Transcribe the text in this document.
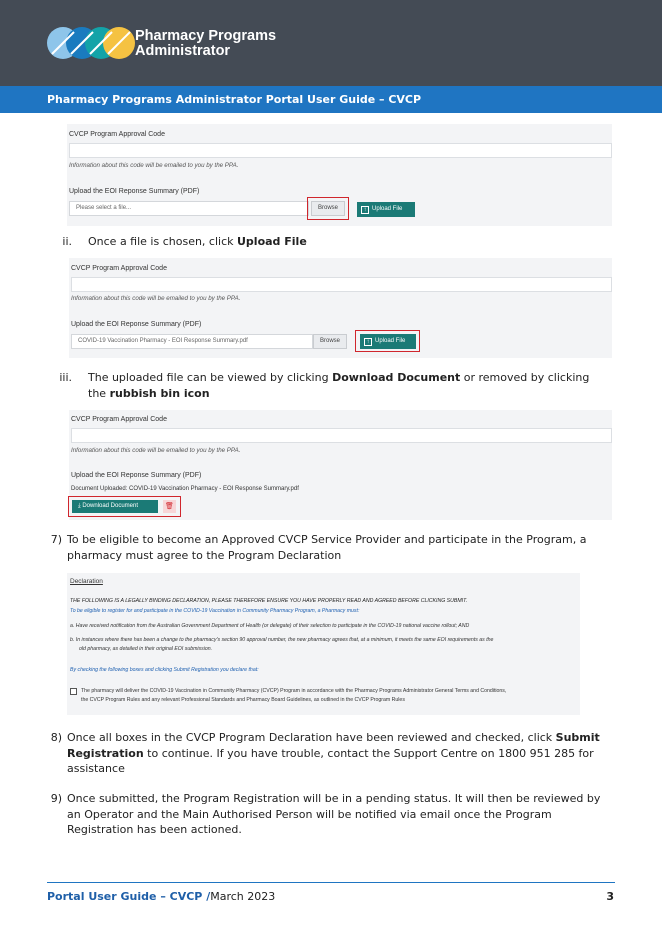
Pharmacy Programs
Administrator
Pharmacy Programs Administrator Portal User Guide – CVCP
CVCP Program Approval Code
Information about this code will be emailed to you by the PPA.
Upload the EOI Reponse Summary (PDF)
Please select a file...	Browse	↑ Upload File
ii. Once a file is chosen, click Upload File
CVCP Program Approval Code
Information about this code will be emailed to you by the PPA.
Upload the EOI Reponse Summary (PDF)
COVID-19 Vaccination Pharmacy - EOI Response Summary.pdf	Browse	↑ Upload File
iii. The uploaded file can be viewed by clicking Download Document or removed by clicking the rubbish bin icon
CVCP Program Approval Code
Information about this code will be emailed to you by the PPA.
Upload the EOI Reponse Summary (PDF)
Document Uploaded: COVID-19 Vaccination Pharmacy - EOI Response Summary.pdf
⤓ Download Document	🗑
7) To be eligible to become an Approved CVCP Service Provider and participate in the Program, a pharmacy must agree to the Program Declaration
Declaration
THE FOLLOWING IS A LEGALLY BINDING DECLARATION, PLEASE THEREFORE ENSURE YOU HAVE PROPERLY READ AND AGREED BEFORE CLICKING SUBMIT.
To be eligible to register for and participate in the COVID-19 Vaccination in Community Pharmacy Program, a Pharmacy must:
a. Have received notification from the Australian Government Department of Health (or delegate) of their selection to participate in the COVID-19 national vaccine rollout; AND
b. In instances where there has been a change to the pharmacy's section 90 approval number, the new pharmacy agrees that, at a minimum, it meets the same EOI requirements as the
old pharmacy, as detailed in their original EOI submission.
By checking the following boxes and clicking Submit Registration you declare that:
The pharmacy will deliver the COVID-19 Vaccination in Community Pharmacy (CVCP) Program in accordance with the Pharmacy Programs Administrator General Terms and Conditions,
the CVCP Program Rules and any relevant Professional Standards and Pharmacy Board Guidelines, as outlined in the CVCP Program Rules
8) Once all boxes in the CVCP Program Declaration have been reviewed and checked, click Submit Registration to continue. If you have trouble, contact the Support Centre on 1800 951 285 for assistance
9) Once submitted, the Program Registration will be in a pending status. It will then be reviewed by an Operator and the Main Authorised Person will be notified via email once the Program Registration has been actioned.
Portal User Guide – CVCP /March 2023	3
